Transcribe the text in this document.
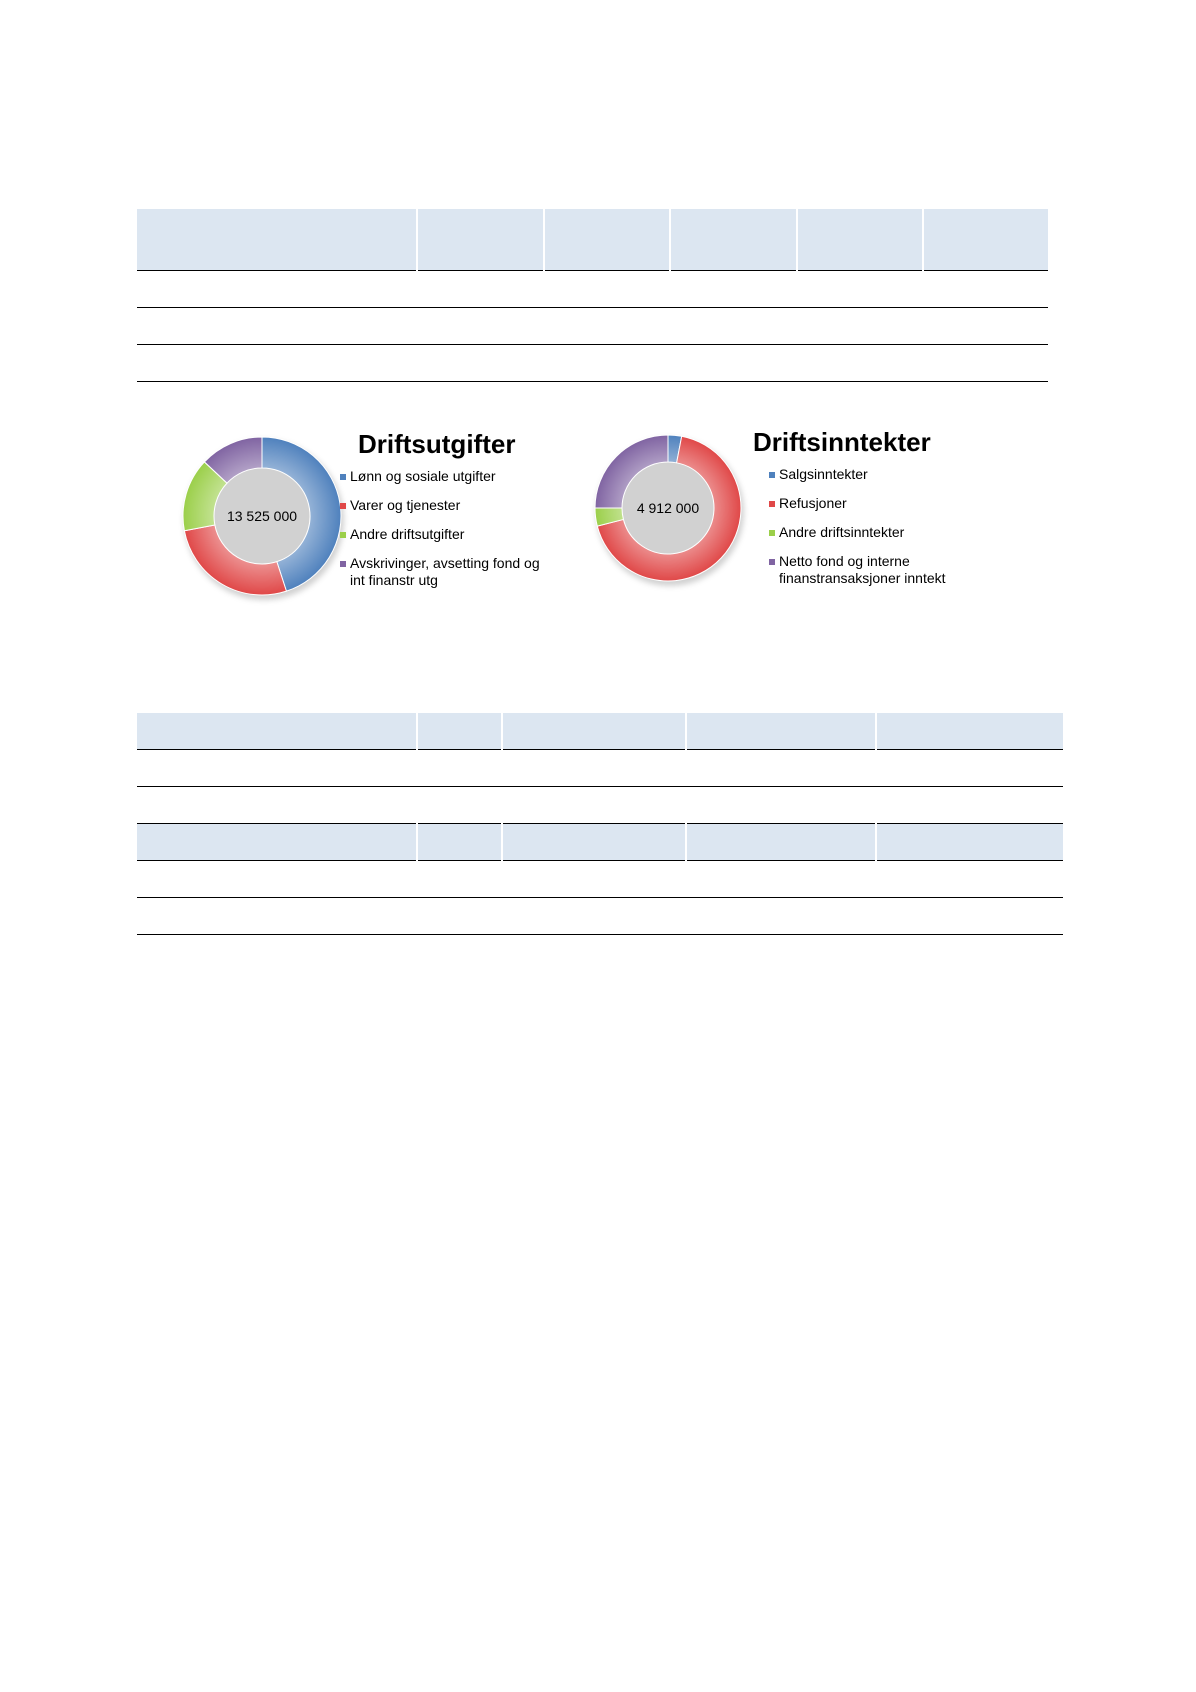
13 525 000
Driftsutgifter
Lønn og sosiale utgifter
Varer og tjenester
Andre driftsutgifter
Avskrivinger, avsetting fond og
int finanstr utg
4 912 000
Driftsinntekter
Salgsinntekter
Refusjoner
Andre driftsinntekter
Netto fond og interne
finanstransaksjoner inntekt
